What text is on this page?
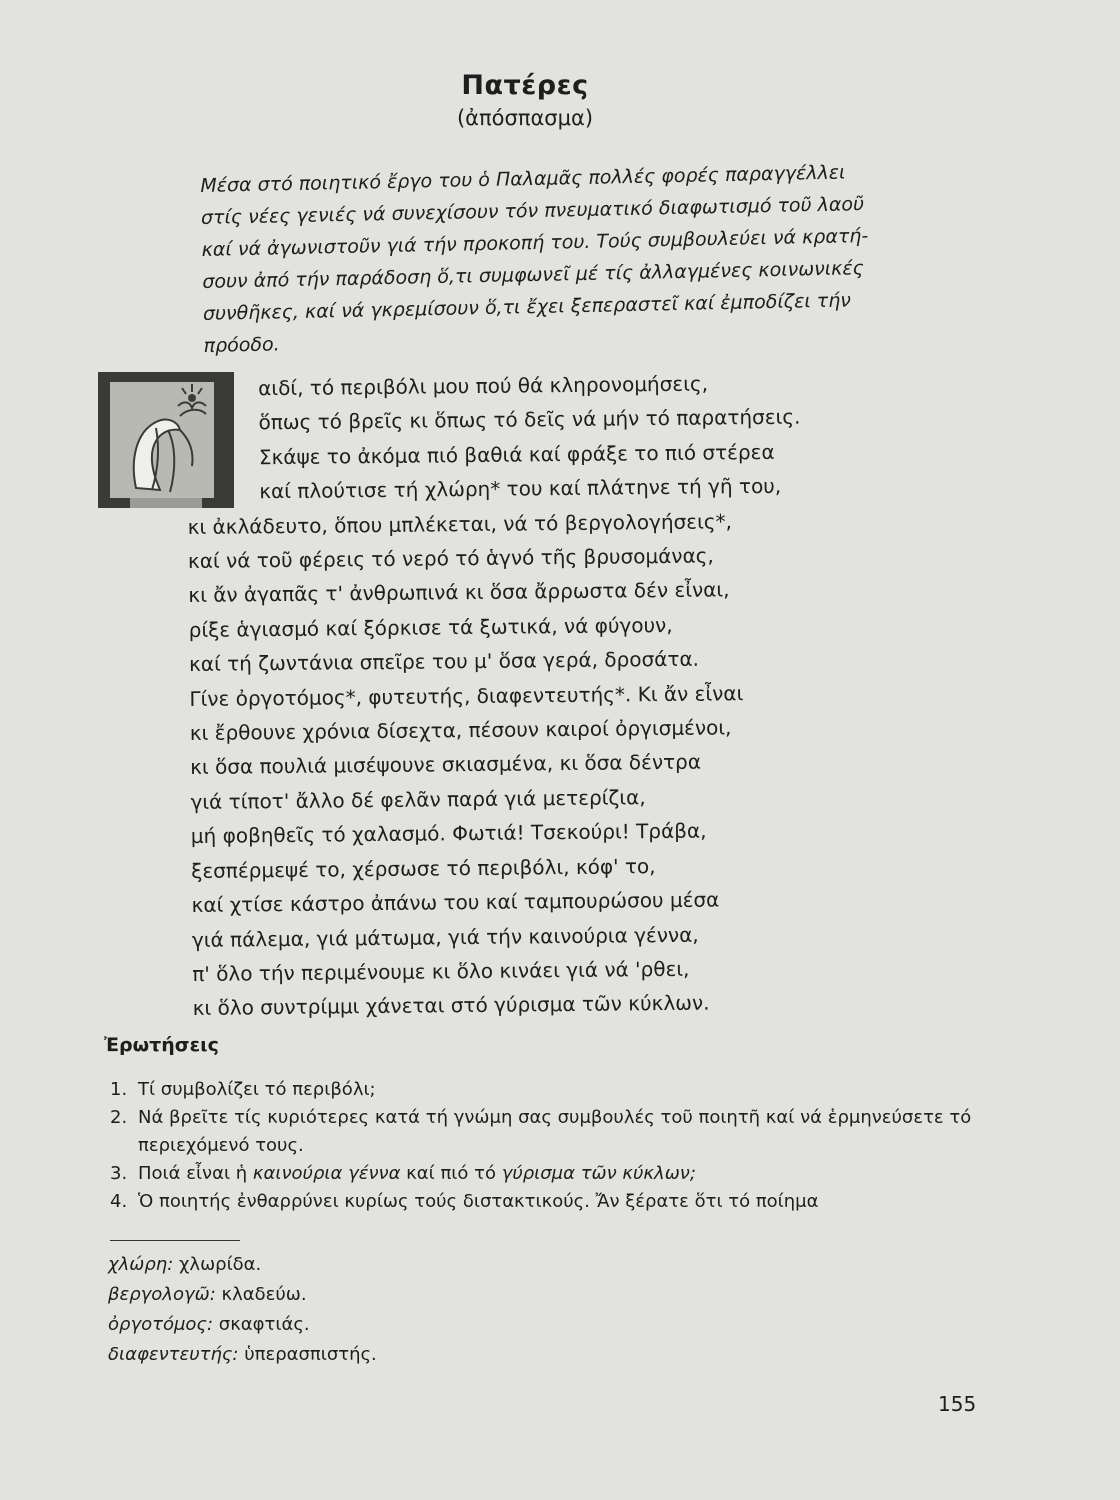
Πατέρες
(ἀπόσπασμα)
Μέσα στό ποιητικό ἔργο του ὁ Παλαμᾶς πολλές φορές παραγγέλλει
στίς νέες γενιές νά συνεχίσουν τόν πνευματικό διαφωτισμό τοῦ λαοῦ
καί νά ἀγωνιστοῦν γιά τήν προκοπή του. Τούς συμβουλεύει νά κρατή-
σουν ἀπό τήν παράδοση ὅ,τι συμφωνεῖ μέ τίς ἀλλαγμένες κοινωνικές
συνθῆκες, καί νά γκρεμίσουν ὅ,τι ἔχει ξεπεραστεῖ καί ἐμποδίζει τήν
πρόοδο.
αιδί, τό περιβόλι μου πού θά κληρονομήσεις,
ὅπως τό βρεῖς κι ὅπως τό δεῖς νά μήν τό παρατήσεις.
Σκάψε το ἀκόμα πιό βαθιά καί φράξε το πιό στέρεα
καί πλούτισε τή χλώρη* του καί πλάτηνε τή γῆ του,
κι ἀκλάδευτο, ὅπου μπλέκεται, νά τό βεργολογήσεις*,
καί νά τοῦ φέρεις τό νερό τό ἁγνό τῆς βρυσομάνας,
κι ἄν ἀγαπᾶς τ' ἀνθρωπινά κι ὅσα ἄρρωστα δέν εἶναι,
ρίξε ἁγιασμό καί ξόρκισε τά ξωτικά, νά φύγουν,
καί τή ζωντάνια σπεῖρε του μ' ὅσα γερά, δροσάτα.
Γίνε ὀργοτόμος*, φυτευτής, διαφεντευτής*. Κι ἄν εἶναι
κι ἔρθουνε χρόνια δίσεχτα, πέσουν καιροί ὀργισμένοι,
κι ὅσα πουλιά μισέψουνε σκιασμένα, κι ὅσα δέντρα
γιά τίποτ' ἄλλο δέ φελᾶν παρά γιά μετερίζια,
μή φοβηθεῖς τό χαλασμό. Φωτιά! Τσεκούρι! Τράβα,
ξεσπέρμεψέ το, χέρσωσε τό περιβόλι, κόφ' το,
καί χτίσε κάστρο ἀπάνω του καί ταμπουρώσου μέσα
γιά πάλεμα, γιά μάτωμα, γιά τήν καινούρια γέννα,
π' ὅλο τήν περιμένουμε κι ὅλο κινάει γιά νά 'ρθει,
κι ὅλο συντρίμμι χάνεται στό γύρισμα τῶν κύκλων.
Ἐρωτήσεις
1. Τί συμβολίζει τό περιβόλι;
2. Νά βρεῖτε τίς κυριότερες κατά τή γνώμη σας συμβουλές τοῦ ποιητῆ καί νά ἑρμηνεύσετε τό περιεχόμενό τους.
3. Ποιά εἶναι ἡ καινούρια γέννα καί πιό τό γύρισμα τῶν κύκλων;
4. Ὁ ποιητής ἐνθαρρύνει κυρίως τούς διστακτικούς. Ἄν ξέρατε ὅτι τό ποίημα
χλώρη: χλωρίδα.
βεργολογῶ: κλαδεύω.
ὀργοτόμος: σκαφτιάς.
διαφεντευτής: ὑπερασπιστής.
155
